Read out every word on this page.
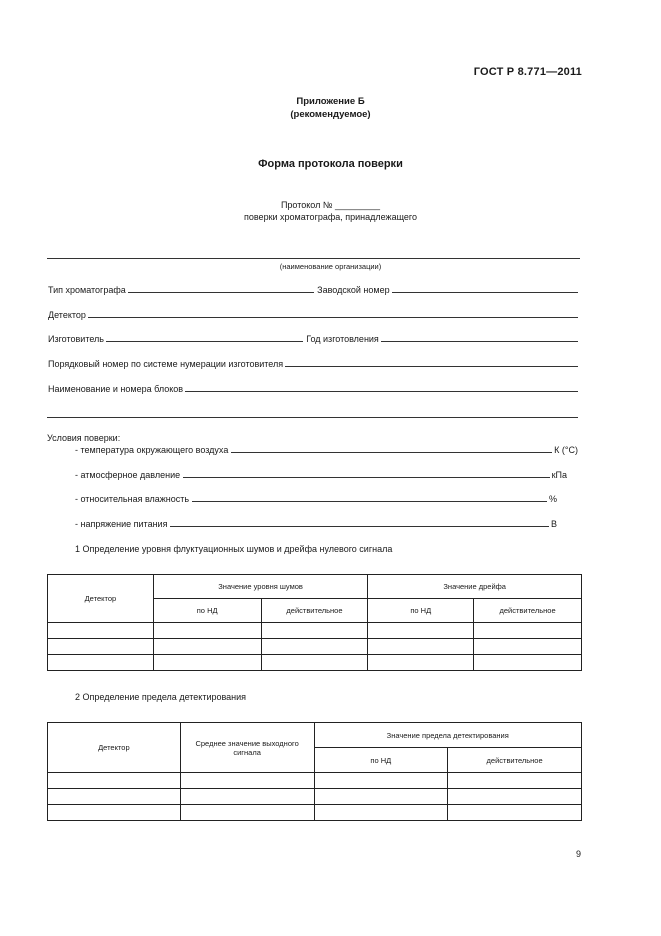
ГОСТ Р 8.771—2011
Приложение Б
(рекомендуемое)
Форма протокола поверки
Протокол № _________
поверки хроматографа, принадлежащего
(наименование организации)
Тип хроматографа	Заводской номер
Детектор
Изготовитель	Год изготовления
Порядковый номер по системе нумерации изготовителя
Наименование и номера блоков
Условия поверки:
- температура окружающего воздуха	К (°С)
- атмосферное давление	кПа
- относительная влажность	%
- напряжение питания	В
1 Определение уровня флуктуационных шумов и дрейфа нулевого сигнала
Детектор	Значение уровня шумов		Значение дрейфа	
	по НД	действительное	по НД	действительное

2 Определение предела детектирования
Детектор	Среднее значение выходного сигнала	Значение предела детектирования	
		по НД	действительное

9
